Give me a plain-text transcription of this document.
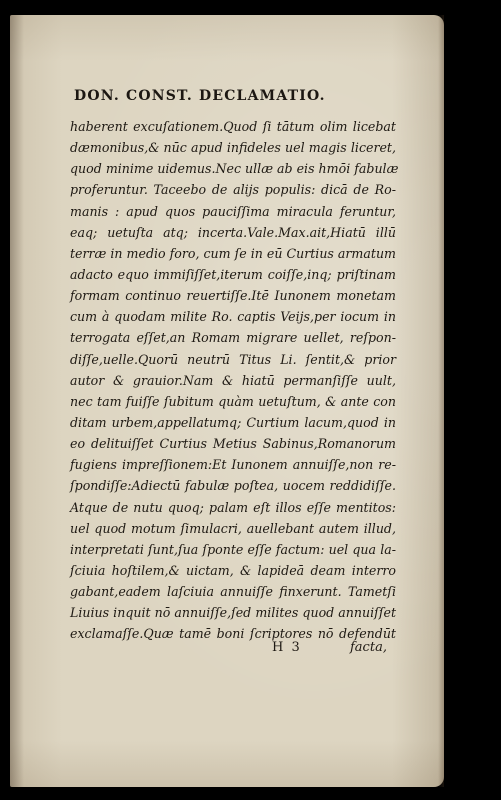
DON. CONST. DECLAMATIO.
haberent excuſationem.Quod ſi tātum olim licebat
dæmonibus,& nūc apud infideles uel magis liceret,
quod minime uidemus.Nec ullæ ab eis hmōi fabulæ
proferuntur. Taceebo de alijs populis: dicā de Ro-
manis : apud quos pauciſſima miracula feruntur,
eaq; uetuſta atq; incerta.Vale.Max.ait,Hiatū illū
terræ in medio foro, cum ſe in eū Curtius armatum
adacto equo immiſiſſet,iterum coiſſe,inq; priſtinam
formam continuo reuertiſſe.Itē Iunonem monetam
cum à quodam milite Ro. captis Veijs,per iocum in
terrogata eſſet,an Romam migrare uellet, reſpon-
diſſe,uelle.Quorū neutrū Titus Li. ſentit,& prior
autor & grauior.Nam & hiatū permanſiſſe uult,
nec tam fuiſſe ſubitum quàm uetuſtum, & ante con
ditam urbem,appellatumq; Curtium lacum,quod in
eo delituiſſet Curtius Metius Sabinus,Romanorum
fugiens impreſſionem:Et Iunonem annuiſſe,non re-
ſpondiſſe:Adiectū fabulæ poſtea, uocem reddidiſſe.
Atque de nutu quoq; palam eſt illos eſſe mentitos:
uel quod motum ſimulacri, auellebant autem illud,
interpretati ſunt,ſua ſponte eſſe factum: uel qua la-
ſciuia hoſtilem,& uictam, & lapideā deam interro
gabant,eadem laſciuia annuiſſe finxerunt. Tametſi
Liuius inquit nō annuiſſe,ſed milites quod annuiſſet
exclamaſſe.Quæ tamē boni ſcriptores nō defendūt
H 3	facta,
